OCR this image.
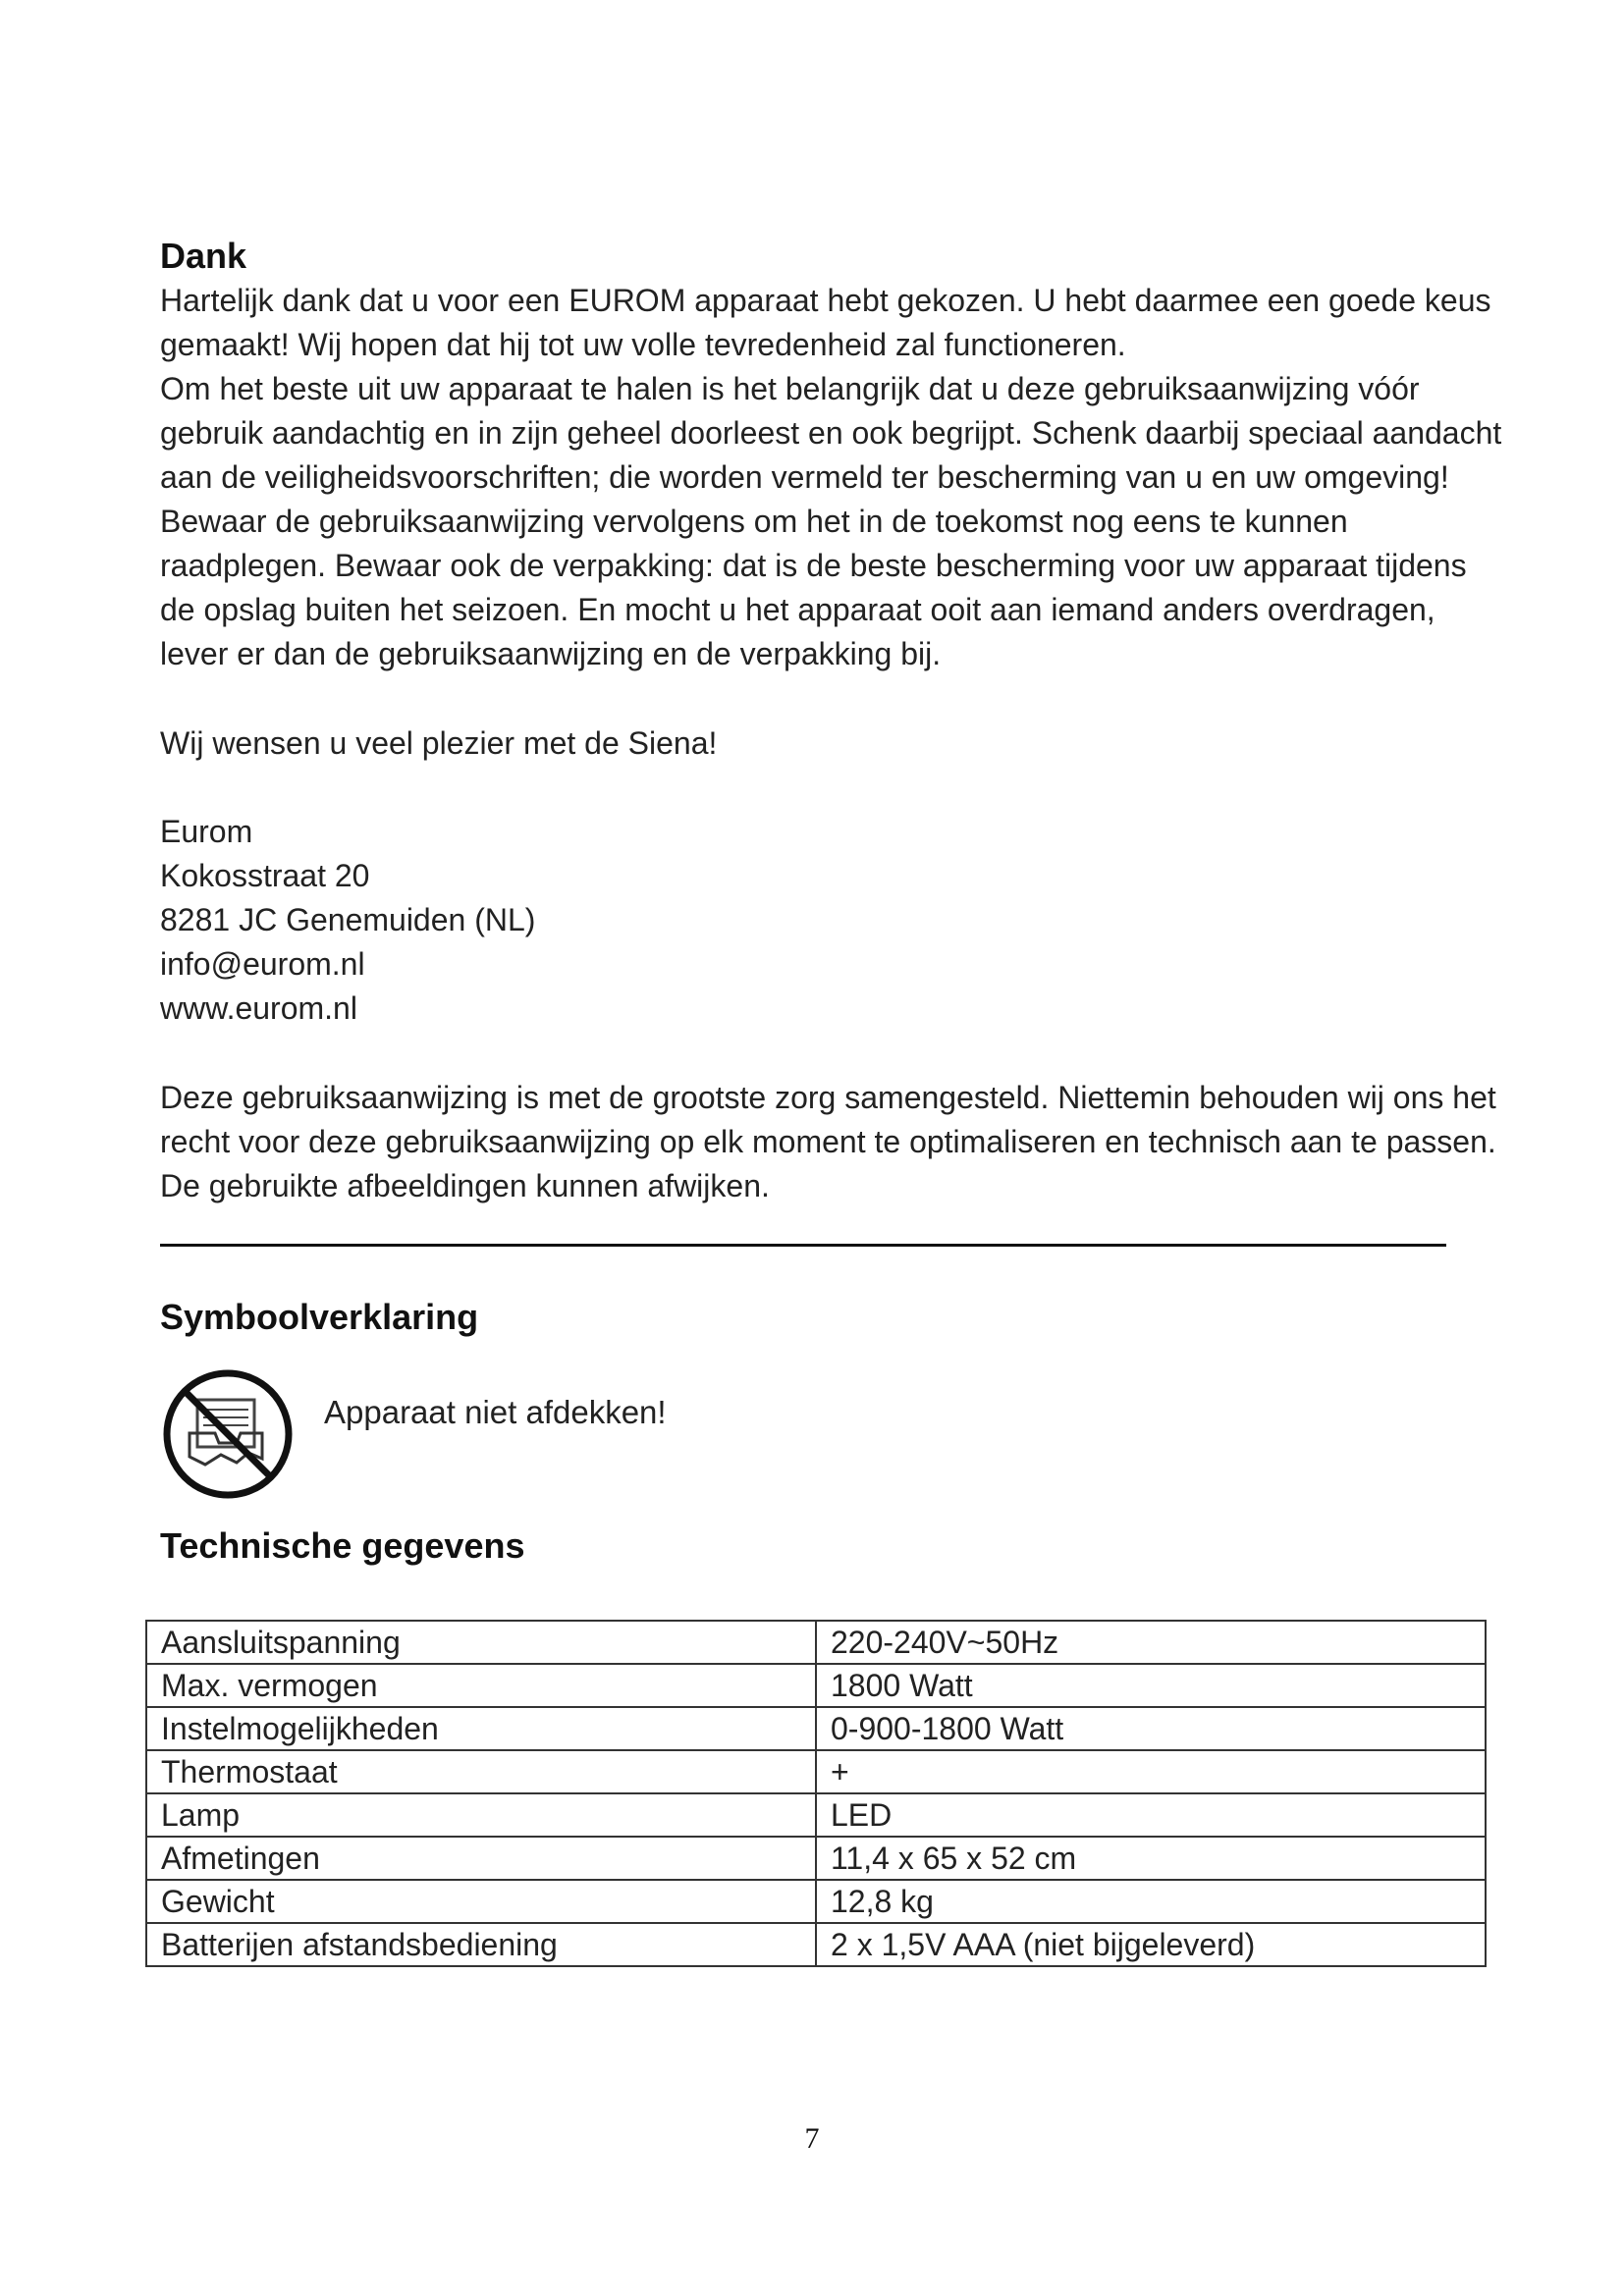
Dank

Hartelijk dank dat u voor een EUROM apparaat hebt gekozen. U hebt daarmee een goede keus gemaakt! Wij hopen dat hij tot uw volle tevredenheid zal functioneren.
Om het beste uit uw apparaat te halen is het belangrijk dat u deze gebruiksaanwijzing vóór gebruik aandachtig en in zijn geheel doorleest en ook begrijpt. Schenk daarbij speciaal aandacht aan de veiligheidsvoorschriften; die worden vermeld ter bescherming van u en uw omgeving! Bewaar de gebruiksaanwijzing vervolgens om het in de toekomst nog eens te kunnen raadplegen. Bewaar ook de verpakking: dat is de beste bescherming voor uw apparaat tijdens de opslag buiten het seizoen. En mocht u het apparaat ooit aan iemand anders overdragen, lever er dan de gebruiksaanwijzing en de verpakking bij.

Wij wensen u veel plezier met de Siena!

Eurom
Kokosstraat 20
8281 JC Genemuiden (NL)
info@eurom.nl
www.eurom.nl

Deze gebruiksaanwijzing is met de grootste zorg samengesteld. Niettemin behouden wij ons het recht voor deze gebruiksaanwijzing op elk moment te optimaliseren en technisch aan te passen. De gebruikte afbeeldingen kunnen afwijken.

Symboolverklaring
Apparaat niet afdekken!
Technische gegevens
Aansluitspanning	220-240V~50Hz
Max. vermogen	1800 Watt
Instelmogelijkheden	0-900-1800 Watt
Thermostaat	+
Lamp	LED
Afmetingen	11,4 x 65 x 52 cm
Gewicht	12,8 kg
Batterijen afstandsbediening	2 x 1,5V AAA (niet bijgeleverd)
7
